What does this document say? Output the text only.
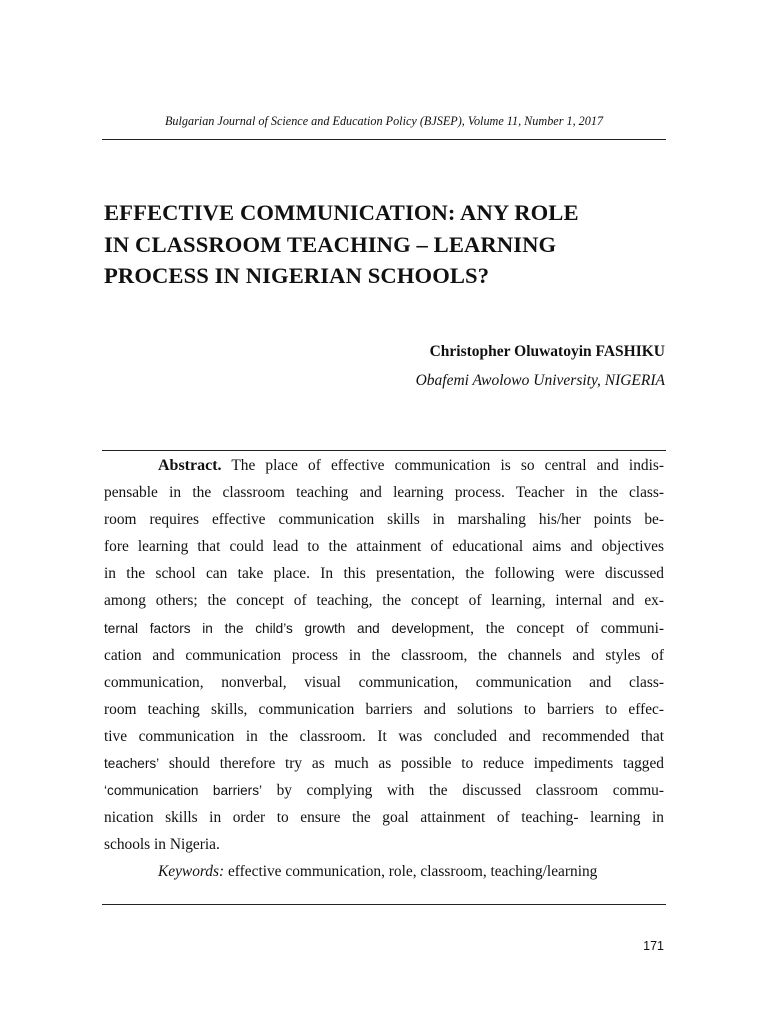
Bulgarian Journal of Science and Education Policy (BJSEP), Volume 11, Number 1, 2017
EFFECTIVE COMMUNICATION: ANY ROLE
IN CLASSROOM TEACHING – LEARNING
PROCESS IN NIGERIAN SCHOOLS?
Christopher Oluwatoyin FASHIKU
Obafemi Awolowo University, NIGERIA
Abstract. The place of effective communication is so central and indis-
pensable in the classroom teaching and learning process. Teacher in the class-
room requires effective communication skills in marshaling his/her points be-
fore learning that could lead to the attainment of educational aims and objectives
in the school can take place. In this presentation, the following were discussed
among others; the concept of teaching, the concept of learning, internal and ex-
ternal factors in the child’s growth and development, the concept of communi-
cation and communication process in the classroom, the channels and styles of
communication, nonverbal, visual communication, communication and class-
room teaching skills, communication barriers and solutions to barriers to effec-
tive communication in the classroom. It was concluded and recommended that
teachers’ should therefore try as much as possible to reduce impediments tagged
‘communication barriers’ by complying with the discussed classroom commu-
nication skills in order to ensure the goal attainment of teaching- learning in
schools in Nigeria.
Keywords: effective communication, role, classroom, teaching/learning
171
